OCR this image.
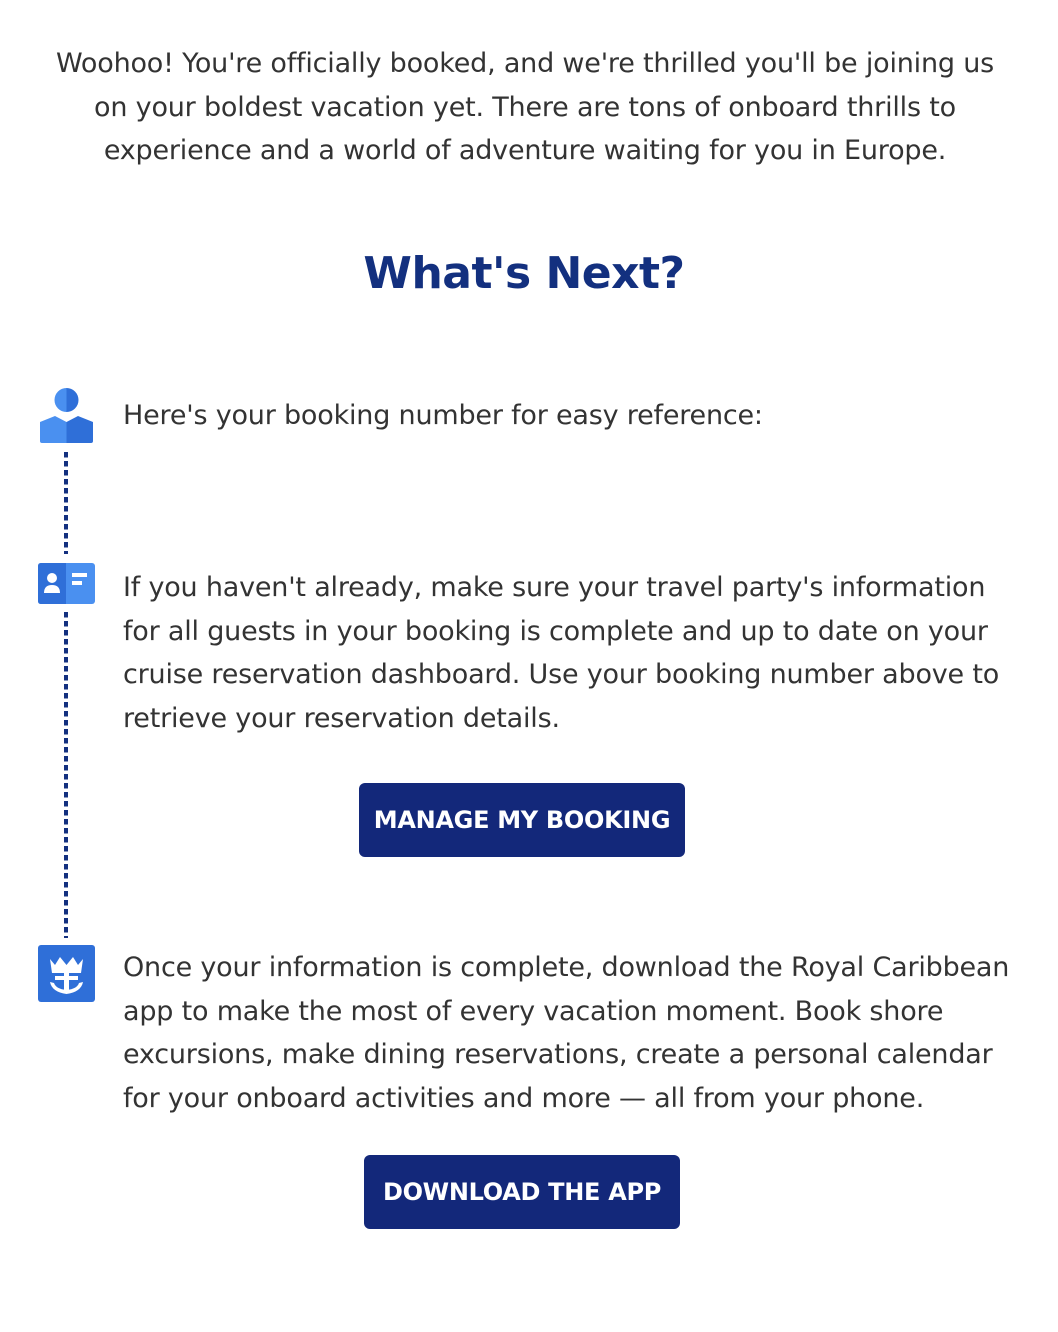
Woohoo! You're officially booked, and we're thrilled you'll be joining us on your boldest vacation yet. There are tons of onboard thrills to experience and a world of adventure waiting for you in Europe.

What's Next?
Here's your booking number for easy reference:
If you haven't already, make sure your travel party's information for all guests in your booking is complete and up to date on your cruise reservation dashboard. Use your booking number above to retrieve your reservation details.
MANAGE MY BOOKING
Once your information is complete, download the Royal Caribbean app to make the most of every vacation moment. Book shore excursions, make dining reservations, create a personal calendar for your onboard activities and more — all from your phone.
DOWNLOAD THE APP
